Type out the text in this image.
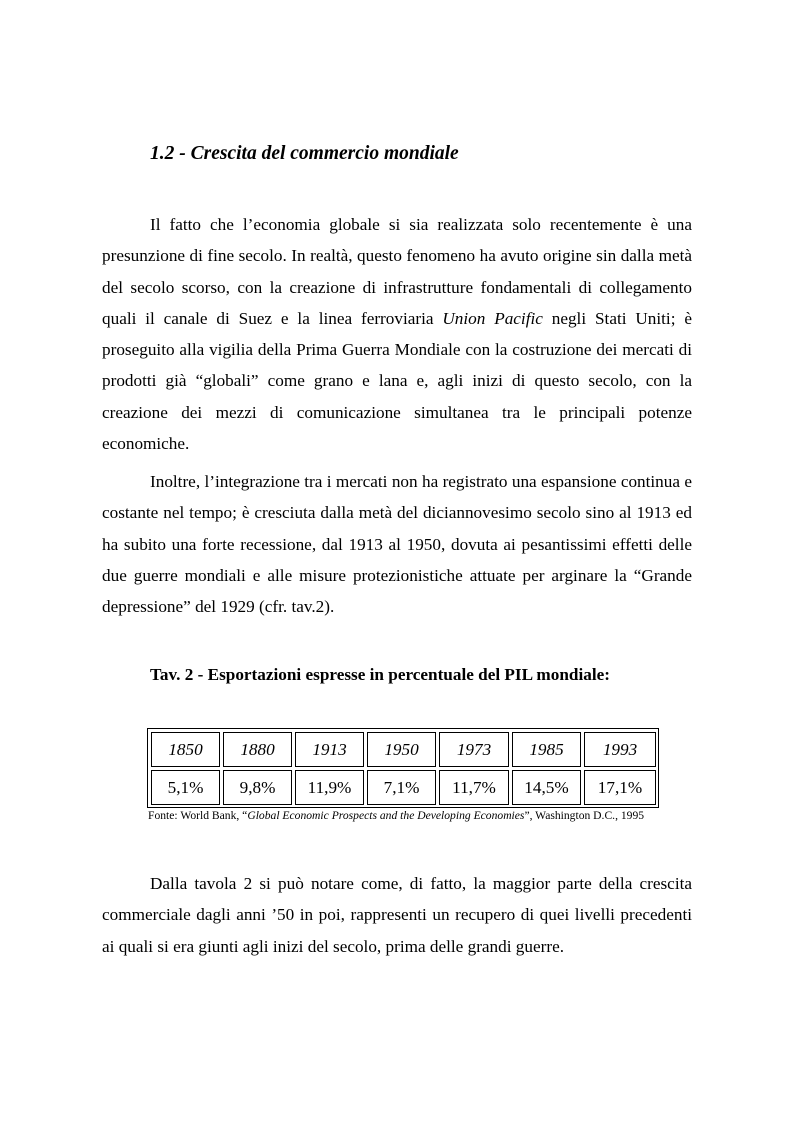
1.2 - Crescita del commercio mondiale

Il fatto che l’economia globale si sia realizzata solo recentemente è una presunzione di fine secolo. In realtà, questo fenomeno ha avuto origine sin dalla metà del secolo scorso, con la creazione di infrastrutture fondamentali di collegamento quali il canale di Suez e la linea ferroviaria Union Pacific negli Stati Uniti; è proseguito alla vigilia della Prima Guerra Mondiale con la costruzione dei mercati di prodotti già “globali” come grano e lana e, agli inizi di questo secolo, con la creazione dei mezzi di comunicazione simultanea tra le principali potenze economiche.

Inoltre, l’integrazione tra i mercati non ha registrato una espansione continua e costante nel tempo; è cresciuta dalla metà del diciannovesimo secolo sino al 1913 ed ha subito una forte recessione, dal 1913 al 1950, dovuta ai pesantissimi effetti delle due guerre mondiali e alle misure protezionistiche attuate per arginare la “Grande depressione” del 1929 (cfr. tav.2).

Tav. 2 - Esportazioni espresse in percentuale del PIL mondiale:
1850	1880	1913	1950	1973	1985	1993
5,1%	9,8%	11,9%	7,1%	11,7%	14,5%	17,1%

Fonte: World Bank, “Global Economic Prospects and the Developing Economies”, Washington D.C., 1995

Dalla tavola 2 si può notare come, di fatto, la maggior parte della crescita commerciale dagli anni ’50 in poi, rappresenti un recupero di quei livelli precedenti ai quali si era giunti agli inizi del secolo, prima delle grandi guerre.
